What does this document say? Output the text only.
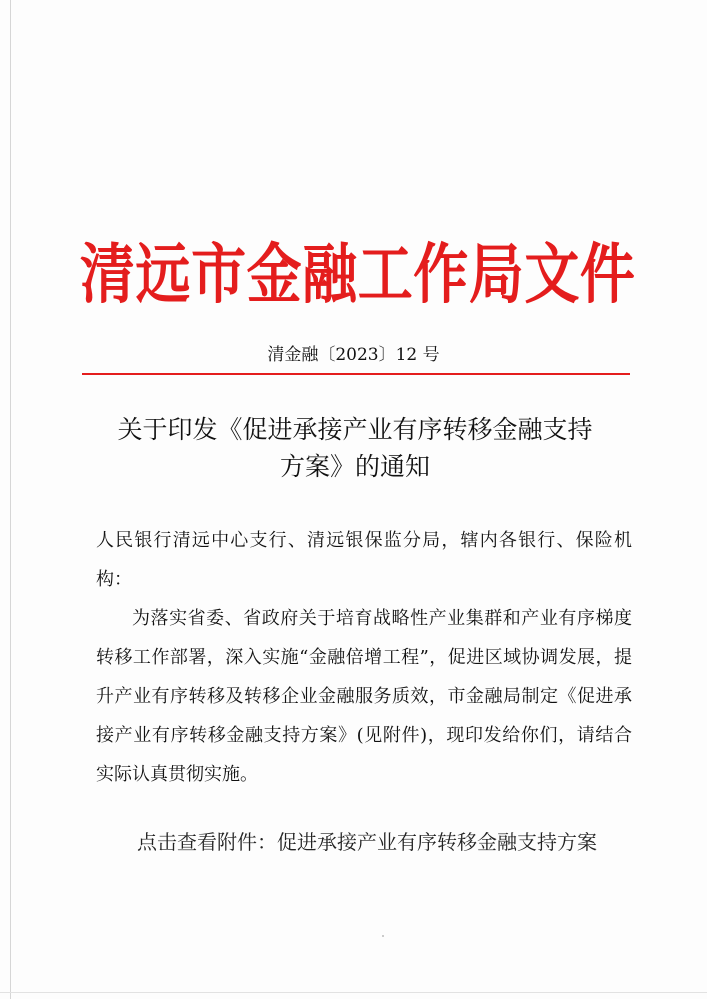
清 远 市 金 融 工 作 局 文 件
清金融〔2023〕12 号
关于印发《促进承接产业有序转移金融支持
方案》的通知

人民银行清远中心支行、清远银保监分局，辖内各银行、保险机构：

为落实省委、省政府关于培育战略性产业集群和产业有序梯度转移工作部署，深入实施“金融倍增工程”，促进区域协调发展，提升产业有序转移及转移企业金融服务质效，市金融局制定《促进承接产业有序转移金融支持方案》(见附件)，现印发给你们，请结合实际认真贯彻实施。

点击查看附件：促进承接产业有序转移金融支持方案
